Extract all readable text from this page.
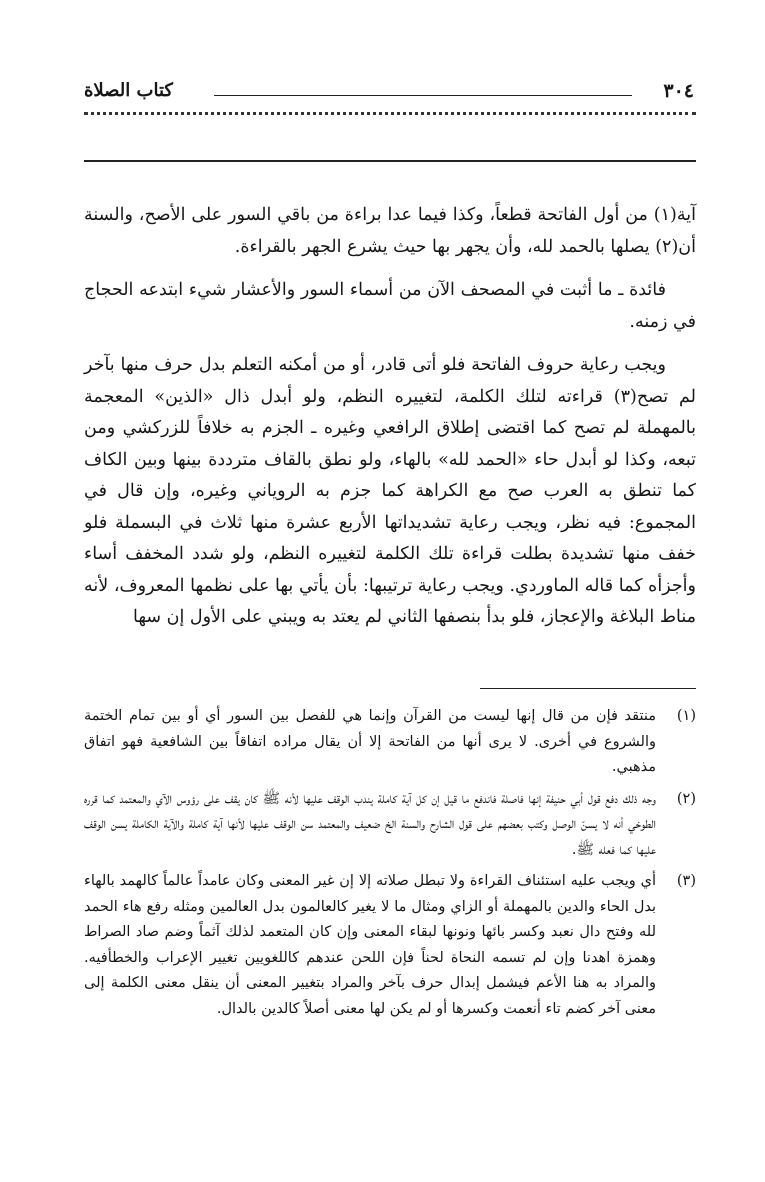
٣٠٤
كتاب الصلاة

آية(١) من أول الفاتحة قطعاً، وكذا فيما عدا براءة من باقي السور على الأصح، والسنة أن(٢) يصلها بالحمد لله، وأن يجهر بها حيث يشرع الجهر بالقراءة.

فائدة ـ ما أثبت في المصحف الآن من أسماء السور والأعشار شيء ابتدعه الحجاج في زمنه.

ويجب رعاية حروف الفاتحة فلو أتى قادر، أو من أمكنه التعلم بدل حرف منها بآخر لم تصح(٣) قراءته لتلك الكلمة، لتغييره النظم، ولو أبدل ذال «الذين» المعجمة بالمهملة لم تصح كما اقتضى إطلاق الرافعي وغيره ـ الجزم به خلافاً للزركشي ومن تبعه، وكذا لو أبدل حاء «الحمد لله» بالهاء، ولو نطق بالقاف مترددة بينها وبين الكاف كما تنطق به العرب صح مع الكراهة كما جزم به الروياني وغيره، وإن قال في المجموع: فيه نظر، ويجب رعاية تشديداتها الأربع عشرة منها ثلاث في البسملة فلو خفف منها تشديدة بطلت قراءة تلك الكلمة لتغييره النظم، ولو شدد المخفف أساء وأجزأه كما قاله الماوردي. ويجب رعاية ترتيبها: بأن يأتي بها على نظمها المعروف، لأنه مناط البلاغة والإعجاز، فلو بدأ بنصفها الثاني لم يعتد به ويبني على الأول إن سها

(١)
منتقد فإن من قال إنها ليست من القرآن وإنما هي للفصل بين السور أي أو بين تمام الختمة والشروع في أخرى. لا يرى أنها من الفاتحة إلا أن يقال مراده اتفاقاً بين الشافعية فهو اتفاق مذهبي.
(٢)
وجه ذلك دفع قول أبي حنيفة إنها فاصلة فاندفع ما قيل إن كل آية كاملة يندب الوقف عليها لأنه ﷺ كان يقف على رؤوس الآي والمعتمد كما قرره الطوخي أنه لا يسنّ الوصل وكتب بعضهم على قول الشارح والسنة الخ ضعيف والمعتمد سن الوقف عليها لأنها آية كاملة والآية الكاملة يسن الوقف عليها كما فعله ﷺ.
(٣)
أي ويجب عليه استئناف القراءة ولا تبطل صلاته إلا إن غير المعنى وكان عامداً عالماً كالهمد بالهاء بدل الحاء والدين بالمهملة أو الزاي ومثال ما لا يغير كالعالمون بدل العالمين ومثله رفع هاء الحمد لله وفتح دال نعبد وكسر بائها ونونها لبقاء المعنى وإن كان المتعمد لذلك آثماً وضم صاد الصراط وهمزة اهدنا وإن لم تسمه النحاة لحناً فإن اللحن عندهم كاللغويين تغيير الإعراب والخطأفيه. والمراد به هنا الأعم فيشمل إبدال حرف بآخر والمراد بتغيير المعنى أن ينقل معنى الكلمة إلى معنى آخر كضم تاء أنعمت وكسرها أو لم يكن لها معنى أصلاً كالدين بالدال.
